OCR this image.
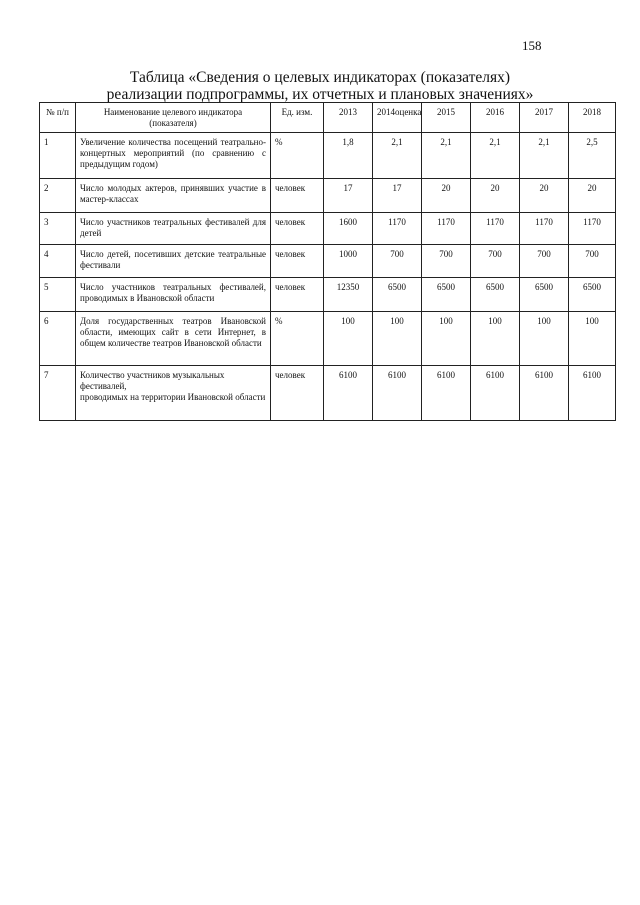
158
Таблица «Сведения о целевых индикаторах (показателях)
реализации подпрограммы, их отчетных и плановых значениях»
№ п/п	Наименование целевого индикатора (показателя)	Ед. изм.	2013	2014оценка	2015	2016	2017	2018
1	Увеличение количества посещений театрально-концертных мероприятий (по сравнению с предыдущим годом)	%	1,8	2,1	2,1	2,1	2,1	2,5
2	Число молодых актеров, принявших участие в мастер-классах	человек	17	17	20	20	20	20
3	Число участников театральных фестивалей для детей	человек	1600	1170	1170	1170	1170	1170
4	Число детей, посетивших детские театральные фестивали	человек	1000	700	700	700	700	700
5	Число участников театральных фестивалей, проводимых в Ивановской области	человек	12350	6500	6500	6500	6500	6500
6	Доля государственных театров Ивановской области, имеющих сайт в сети Интернет, в общем количестве театров Ивановской области	%	100	100	100	100	100	100
7	Количество участников музыкальных
фестивалей,
проводимых на территории Ивановской области	человек	6100	6100	6100	6100	6100	6100
